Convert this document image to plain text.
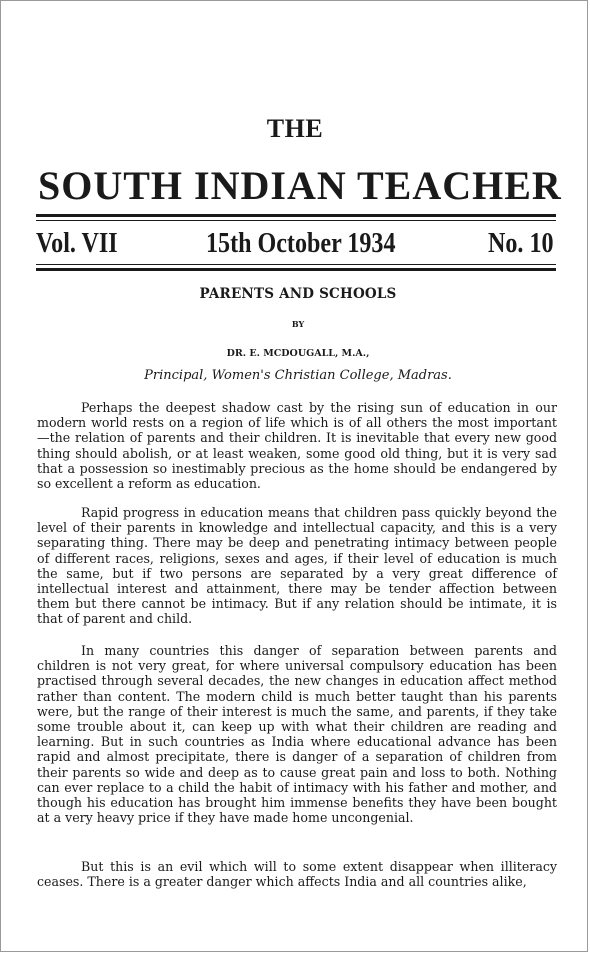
THE
SOUTH INDIAN TEACHER
Vol. VII	15th October 1934	No. 10
PARENTS AND SCHOOLS
BY
DR. E. MCDOUGALL, M.A.,
Principal, Women's Christian College, Madras.

Perhaps the deepest shadow cast by the rising sun of education in our modern world rests on a region of life which is of all others the most important —the relation of parents and their children. It is inevitable that every new good thing should abolish, or at least weaken, some good old thing, but it is very sad that a possession so inestimably precious as the home should be endangered by so excellent a reform as education.

Rapid progress in education means that children pass quickly beyond the level of their parents in knowledge and intellectual capacity, and this is a very separating thing. There may be deep and penetrating intimacy between people of different races, religions, sexes and ages, if their level of education is much the same, but if two persons are separated by a very great difference of intellectual interest and attainment, there may be tender affection between them but there cannot be intimacy. But if any relation should be intimate, it is that of parent and child.

In many countries this danger of separation between parents and children is not very great, for where universal compulsory education has been practised through several decades, the new changes in education affect method rather than content. The modern child is much better taught than his parents were, but the range of their interest is much the same, and parents, if they take some trouble about it, can keep up with what their children are reading and learning. But in such countries as India where educational advance has been rapid and almost precipitate, there is danger of a separation of children from their parents so wide and deep as to cause great pain and loss to both. Nothing can ever replace to a child the habit of intimacy with his father and mother, and though his education has brought him immense benefits they have been bought at a very heavy price if they have made home uncongenial.

But this is an evil which will to some extent disappear when illiteracy ceases. There is a greater danger which affects India and all countries alike,
